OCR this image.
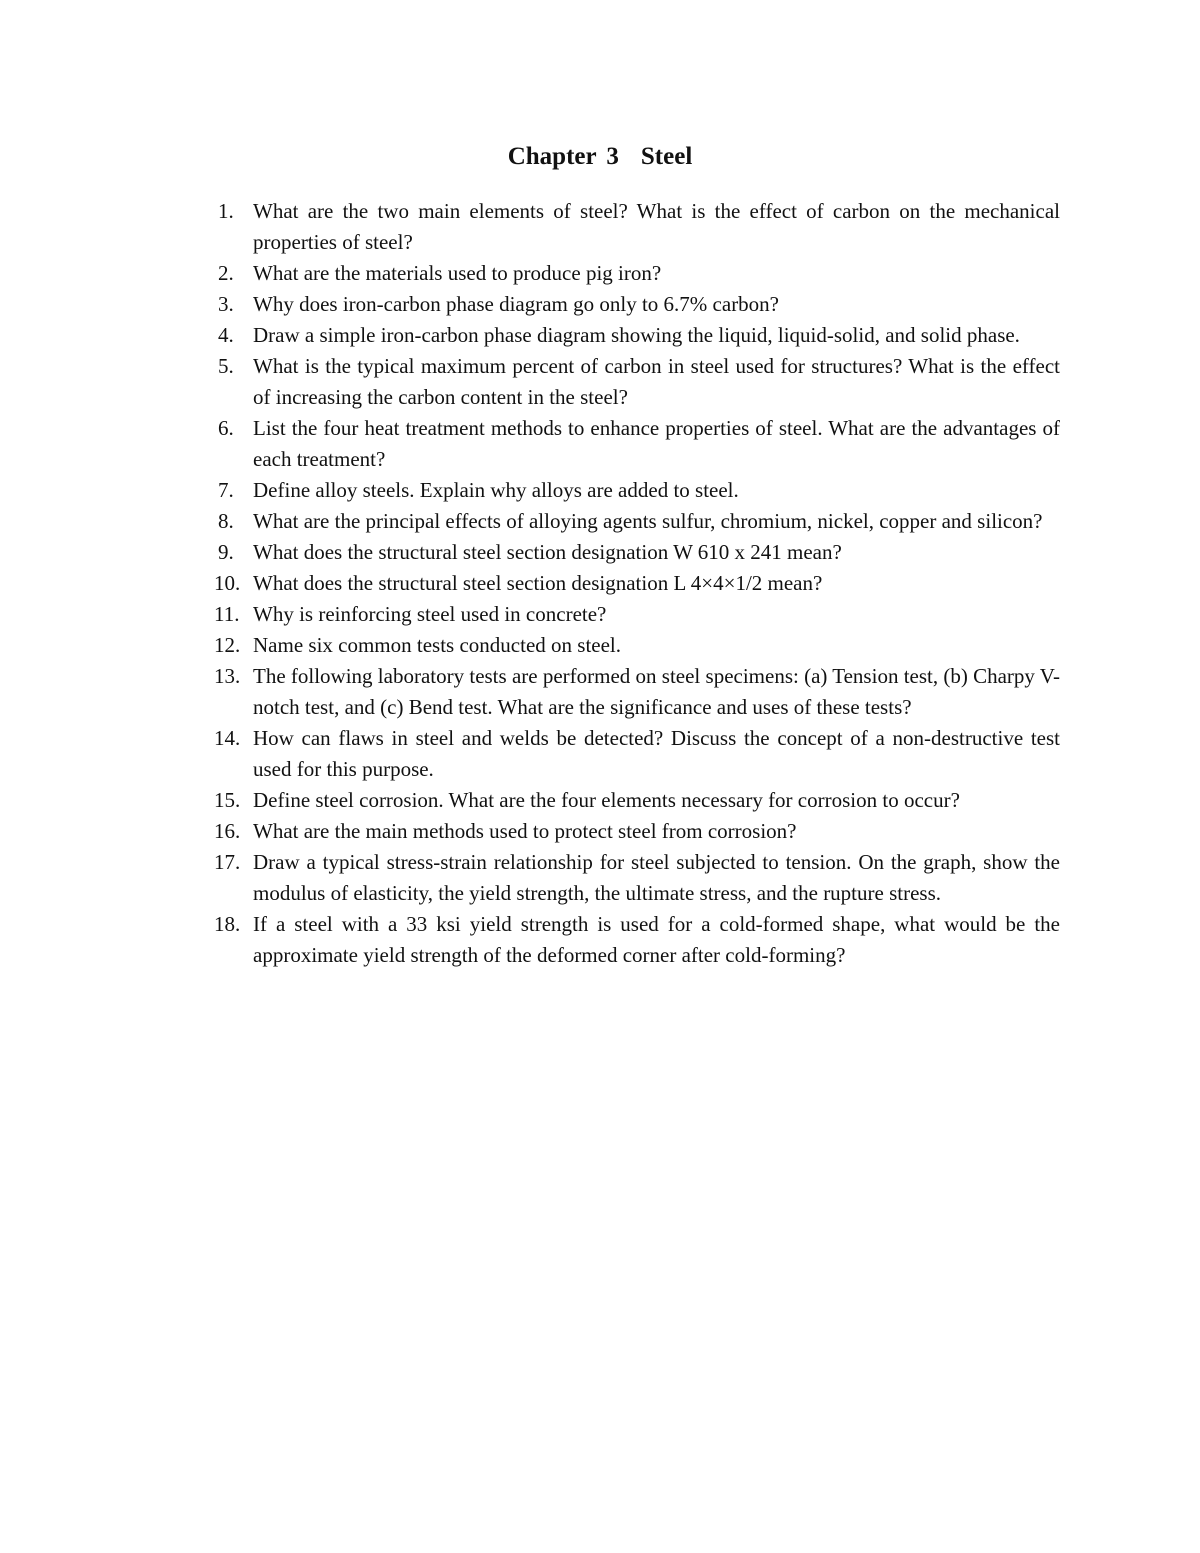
Chapter 3 Steel
1. What are the two main elements of steel? What is the effect of carbon on the mechanical properties of steel?
2. What are the materials used to produce pig iron?
3. Why does iron-carbon phase diagram go only to 6.7% carbon?
4. Draw a simple iron-carbon phase diagram showing the liquid, liquid-solid, and solid phase.
5. What is the typical maximum percent of carbon in steel used for structures? What is the effect of increasing the carbon content in the steel?
6. List the four heat treatment methods to enhance properties of steel. What are the advantages of each treatment?
7. Define alloy steels. Explain why alloys are added to steel.
8. What are the principal effects of alloying agents sulfur, chromium, nickel, copper and silicon?
9. What does the structural steel section designation W 610 x 241 mean?
10. What does the structural steel section designation L 4×4×1/2 mean?
11. Why is reinforcing steel used in concrete?
12. Name six common tests conducted on steel.
13. The following laboratory tests are performed on steel specimens: (a) Tension test, (b) Charpy V-notch test, and (c) Bend test. What are the significance and uses of these tests?
14. How can flaws in steel and welds be detected? Discuss the concept of a non-destructive test used for this purpose.
15. Define steel corrosion. What are the four elements necessary for corrosion to occur?
16. What are the main methods used to protect steel from corrosion?
17. Draw a typical stress-strain relationship for steel subjected to tension. On the graph, show the modulus of elasticity, the yield strength, the ultimate stress, and the rupture stress.
18. If a steel with a 33 ksi yield strength is used for a cold-formed shape, what would be the approximate yield strength of the deformed corner after cold-forming?
